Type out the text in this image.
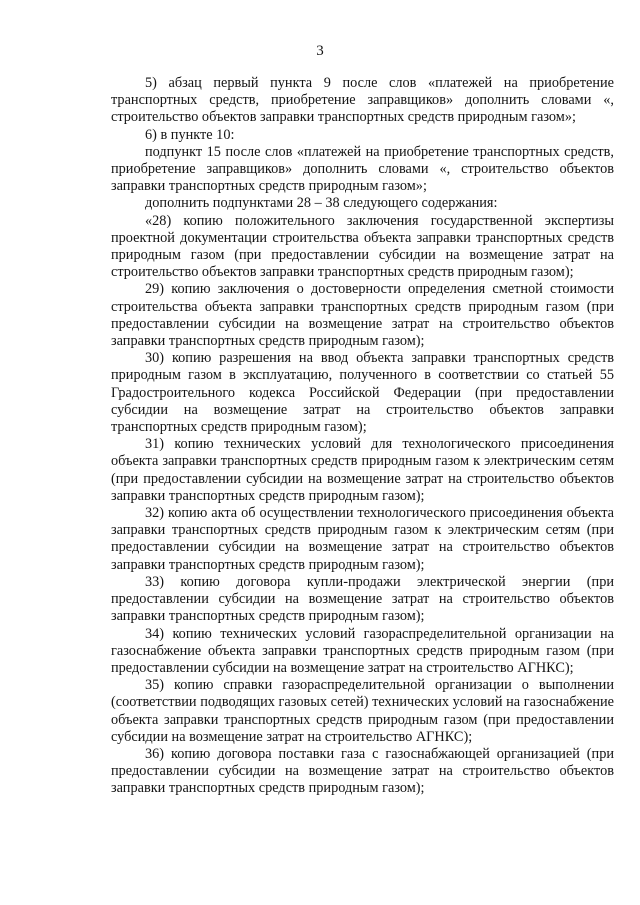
3

5) абзац первый пункта 9 после слов «платежей на приобретение транспортных средств, приобретение заправщиков» дополнить словами «, строительство объектов заправки транспортных средств природным газом»;

6) в пункте 10:

подпункт 15 после слов «платежей на приобретение транспортных средств, приобретение заправщиков» дополнить словами «, строительство объектов заправки транспортных средств природным газом»;

дополнить подпунктами 28 – 38 следующего содержания:

«28) копию положительного заключения государственной экспертизы проектной документации строительства объекта заправки транспортных средств природным газом (при предоставлении субсидии на возмещение затрат на строительство объектов заправки транспортных средств природным газом);

29) копию заключения о достоверности определения сметной стоимости строительства объекта заправки транспортных средств природным газом (при предоставлении субсидии на возмещение затрат на строительство объектов заправки транспортных средств природным газом);

30) копию разрешения на ввод объекта заправки транспортных средств природным газом в эксплуатацию, полученного в соответствии со статьей 55 Градостроительного кодекса Российской Федерации (при предоставлении субсидии на возмещение затрат на строительство объектов заправки транспортных средств природным газом);

31) копию технических условий для технологического присоединения объекта заправки транспортных средств природным газом к электрическим сетям (при предоставлении субсидии на возмещение затрат на строительство объектов заправки транспортных средств природным газом);

32) копию акта об осуществлении технологического присоединения объекта заправки транспортных средств природным газом к электрическим сетям (при предоставлении субсидии на возмещение затрат на строительство объектов заправки транспортных средств природным газом);

33) копию договора купли-продажи электрической энергии (при предоставлении субсидии на возмещение затрат на строительство объектов заправки транспортных средств природным газом);

34) копию технических условий газораспределительной организации на газоснабжение объекта заправки транспортных средств природным газом (при предоставлении субсидии на возмещение затрат на строительство АГНКС);

35) копию справки газораспределительной организации о выполнении (соответствии подводящих газовых сетей) технических условий на газоснабжение объекта заправки транспортных средств природным газом (при предоставлении субсидии на возмещение затрат на строительство АГНКС);

36) копию договора поставки газа с газоснабжающей организацией (при предоставлении субсидии на возмещение затрат на строительство объектов заправки транспортных средств природным газом);
